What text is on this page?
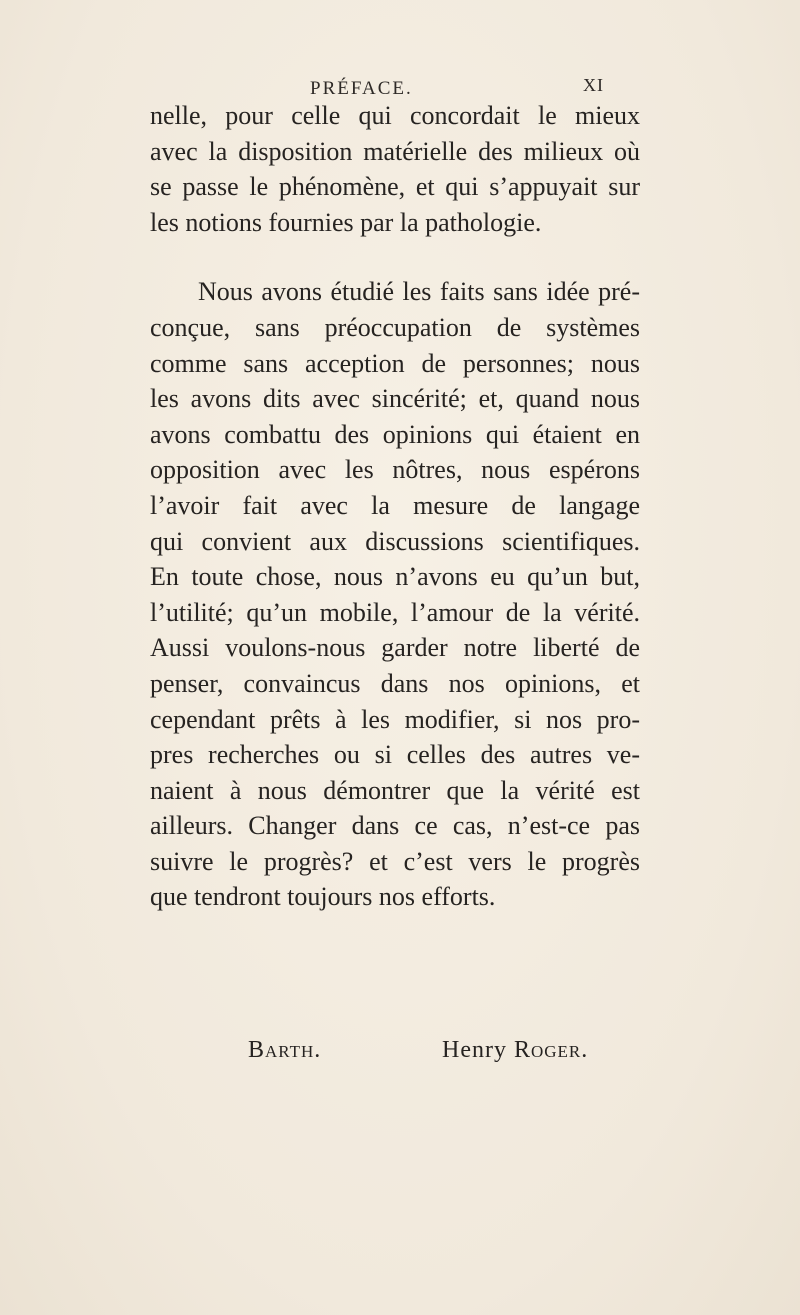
PRÉFACE.	XI

nelle, pour celle qui concordait le mieux
avec la disposition matérielle des milieux où
se passe le phénomène, et qui s’appuyait sur
les notions fournies par la pathologie.

Nous avons étudié les faits sans idée pré-
conçue, sans préoccupation de systèmes
comme sans acception de personnes; nous
les avons dits avec sincérité; et, quand nous
avons combattu des opinions qui étaient en
opposition avec les nôtres, nous espérons
l’avoir fait avec la mesure de langage
qui convient aux discussions scientifiques.
En toute chose, nous n’avons eu qu’un but,
l’utilité; qu’un mobile, l’amour de la vérité.
Aussi voulons-nous garder notre liberté de
penser, convaincus dans nos opinions, et
cependant prêts à les modifier, si nos pro-
pres recherches ou si celles des autres ve-
naient à nous démontrer que la vérité est
ailleurs. Changer dans ce cas, n’est-ce pas
suivre le progrès? et c’est vers le progrès
que tendront toujours nos efforts.

Barth.	Henry Roger.
